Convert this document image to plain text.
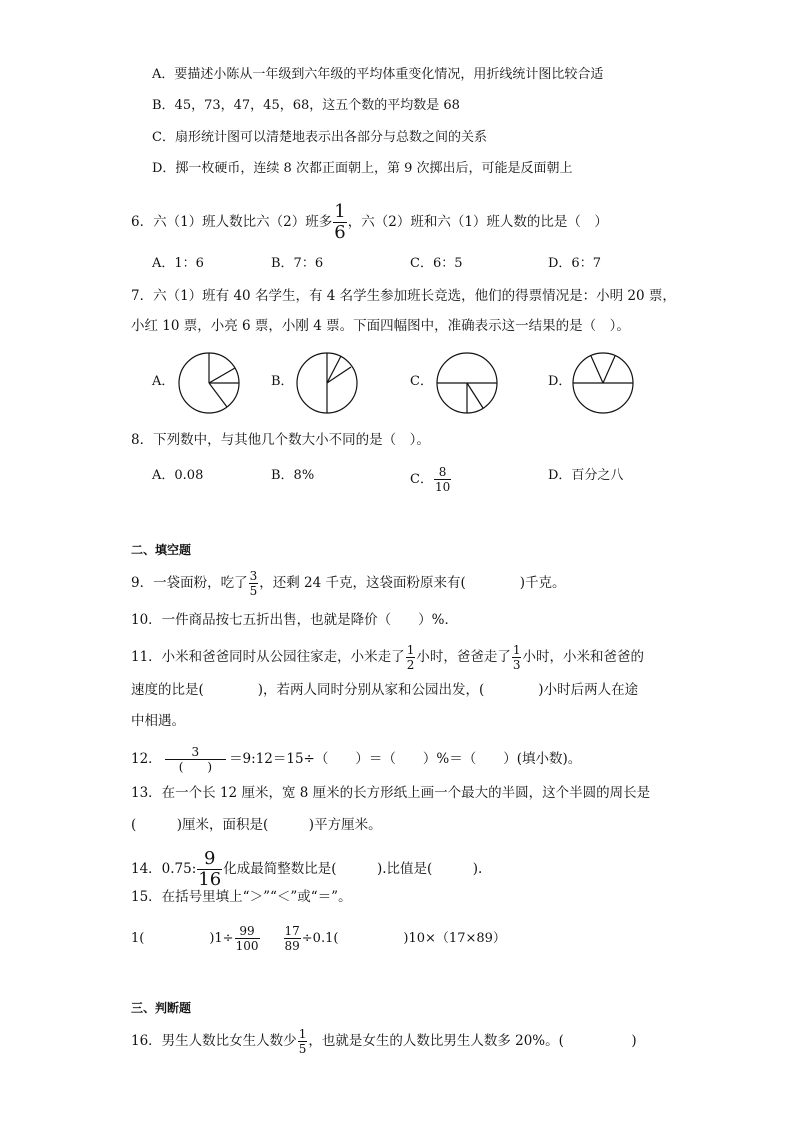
A．要描述小陈从一年级到六年级的平均体重变化情况，用折线统计图比较合适
B．45，73，47，45，68，这五个数的平均数是 68
C．扇形统计图可以清楚地表示出各部分与总数之间的关系
D．掷一枚硬币，连续 8 次都正面朝上，第 9 次掷出后，可能是反面朝上
6．六（1）班人数比六（2）班多 $\frac{1}{6}$ ，六（2）班和六（1）班人数的比是（　）
A．1：6	B．7：6	C．6：5	D．6：7
7．六（1）班有 40 名学生，有 4 名学生参加班长竞选，他们的得票情况是：小明 20 票，
小红 10 票，小亮 6 票，小刚 4 票。下面四幅图中，准确表示这一结果的是（　）。
A．	B．	C．	D．
8．下列数中，与其他几个数大小不同的是（　）。
A．0.08	B．8%	C． $\frac{8}{10}$	D．百分之八
二、填空题
9．一袋面粉，吃了 $\frac{3}{5}$ ，还剩 24 千克，这袋面粉原来有(　　　　)千克。
10．一件商品按七五折出售，也就是降价（　　）%．
11．小米和爸爸同时从公园往家走，小米走了 $\frac{1}{2}$ 小时，爸爸走了 $\frac{1}{3}$ 小时，小米和爸爸的
速度的比是(　　　　)，若两人同时分别从家和公园出发，(　　　　)小时后两人在途
中相遇。
12． $\frac{3}{( )}$ ＝9:12＝15÷（　　）＝（　　）%＝（　　）(填小数)。
13．在一个长 12 厘米，宽 8 厘米的长方形纸上画一个最大的半圆，这个半圆的周长是
(　　　)厘米，面积是(　　　)平方厘米。
14．0.75: $\frac{9}{16}$ 化成最简整数比是(　　　).比值是(　　　).
15．在括号里填上“＞”“＜”或“＝”。
1(　　　　　)$1\div \frac{99}{100} \frac{17}{89} \div 0.1$(　　　　　)10×（17×89）
三、判断题
16．男生人数比女生人数少 $\frac{1}{5}$ ，也就是女生的人数比男生人数多 20%。(　　　　　)
